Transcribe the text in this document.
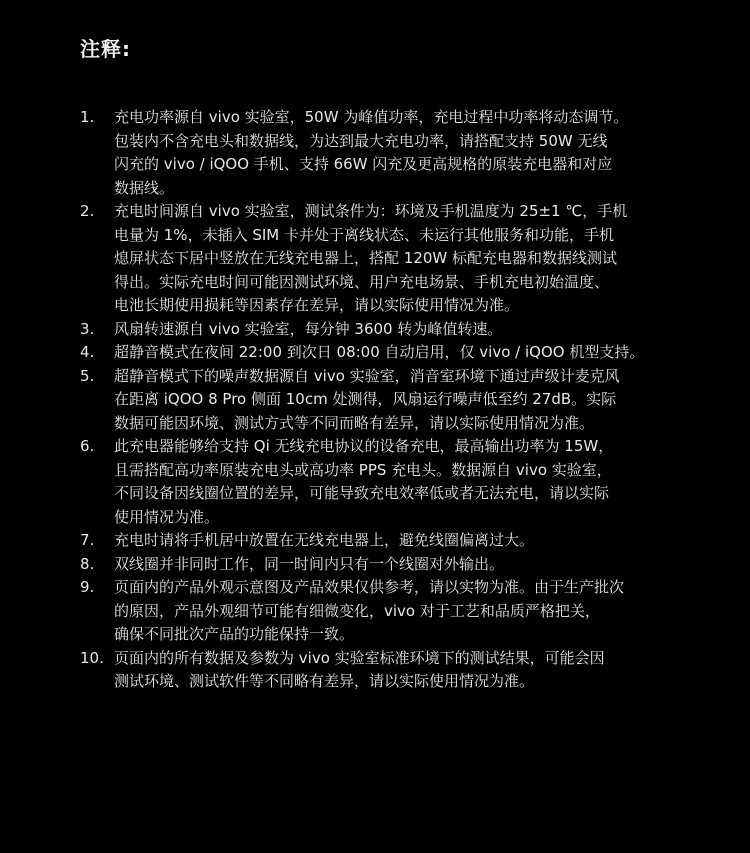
注释:
1.	充电功率源自 vivo 实验室，50W 为峰值功率，充电过程中功率将动态调节。
包装内不含充电头和数据线，为达到最大充电功率，请搭配支持 50W 无线
闪充的 vivo / iQOO 手机、支持 66W 闪充及更高规格的原装充电器和对应
数据线。
2.	充电时间源自 vivo 实验室，测试条件为：环境及手机温度为 25±1 ℃，手机
电量为 1%，未插入 SIM 卡并处于离线状态、未运行其他服务和功能，手机
熄屏状态下居中竖放在无线充电器上，搭配 120W 标配充电器和数据线测试
得出。实际充电时间可能因测试环境、用户充电场景、手机充电初始温度、
电池长期使用损耗等因素存在差异，请以实际使用情况为准。
3.	风扇转速源自 vivo 实验室，每分钟 3600 转为峰值转速。
4.	超静音模式在夜间 22:00 到次日 08:00 自动启用，仅 vivo / iQOO 机型支持。
5.	超静音模式下的噪声数据源自 vivo 实验室，消音室环境下通过声级计麦克风
在距离 iQOO 8 Pro 侧面 10cm 处测得，风扇运行噪声低至约 27dB。实际
数据可能因环境、测试方式等不同而略有差异，请以实际使用情况为准。
6.	此充电器能够给支持 Qi 无线充电协议的设备充电，最高输出功率为 15W，
且需搭配高功率原装充电头或高功率 PPS 充电头。数据源自 vivo 实验室，
不同设备因线圈位置的差异，可能导致充电效率低或者无法充电，请以实际
使用情况为准。
7.	充电时请将手机居中放置在无线充电器上，避免线圈偏离过大。
8.	双线圈并非同时工作，同一时间内只有一个线圈对外输出。
9.	页面内的产品外观示意图及产品效果仅供参考，请以实物为准。由于生产批次
的原因，产品外观细节可能有细微变化，vivo 对于工艺和品质严格把关，
确保不同批次产品的功能保持一致。
10. 页面内的所有数据及参数为 vivo 实验室标准环境下的测试结果，可能会因
测试环境、测试软件等不同略有差异，请以实际使用情况为准。
